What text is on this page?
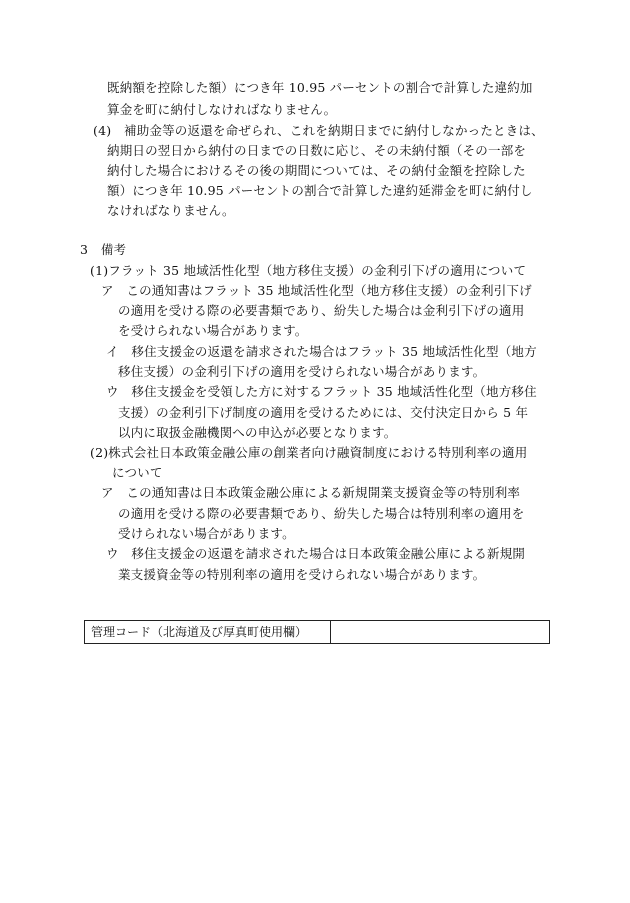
既納額を控除した額）につき年 10.95 パーセントの割合で計算した違約加
算金を町に納付しなければなりません。
(4)　補助金等の返還を命ぜられ、これを納期日までに納付しなかったときは、
納期日の翌日から納付の日までの日数に応じ、その未納付額（その一部を
納付した場合におけるその後の期間については、その納付金額を控除した
額）につき年 10.95 パーセントの割合で計算した違約延滞金を町に納付し
なければなりません。
3　備考
(1)フラット 35 地域活性化型（地方移住支援）の金利引下げの適用について
ア　この通知書はフラット 35 地域活性化型（地方移住支援）の金利引下げ
の適用を受ける際の必要書類であり、紛失した場合は金利引下げの適用
を受けられない場合があります。
イ　移住支援金の返還を請求された場合はフラット 35 地域活性化型（地方
移住支援）の金利引下げの適用を受けられない場合があります。
ウ　移住支援金を受領した方に対するフラット 35 地域活性化型（地方移住
支援）の金利引下げ制度の適用を受けるためには、交付決定日から 5 年
以内に取扱金融機関への申込が必要となります。
(2)株式会社日本政策金融公庫の創業者向け融資制度における特別利率の適用
について
ア　この通知書は日本政策金融公庫による新規開業支援資金等の特別利率
の適用を受ける際の必要書類であり、紛失した場合は特別利率の適用を
受けられない場合があります。
ウ　移住支援金の返還を請求された場合は日本政策金融公庫による新規開
業支援資金等の特別利率の適用を受けられない場合があります。
管理コード（北海道及び厚真町使用欄）
